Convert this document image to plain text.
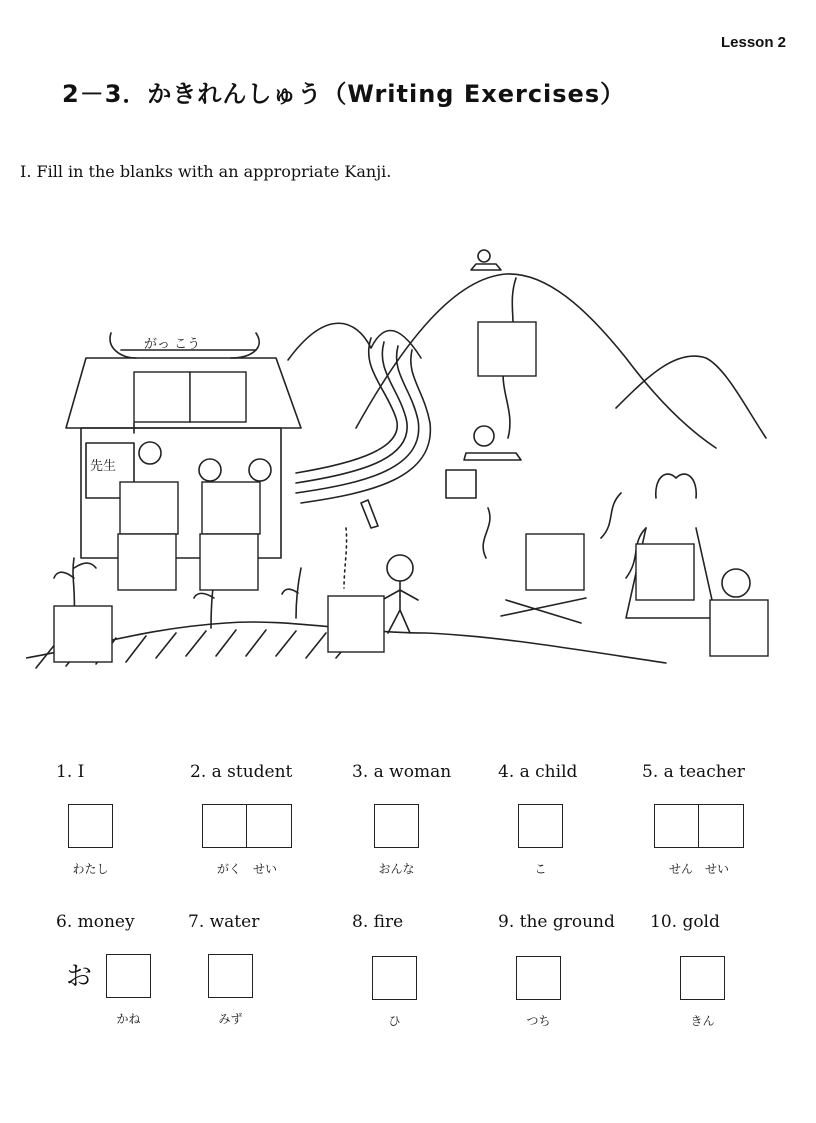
Lesson 2
2－3．かきれんしゅう（Writing Exercises）
Ⅰ. Fill in the blanks with an appropriate Kanji.
がっ こう
先生
1. I
わたし
2. a student
がく　せい
3. a woman
おんな
4. a child
こ
5. a teacher
せん　せい
6. money
お
かね
7. water
みず
8. fire
ひ
9. the ground
つち
10. gold
きん
